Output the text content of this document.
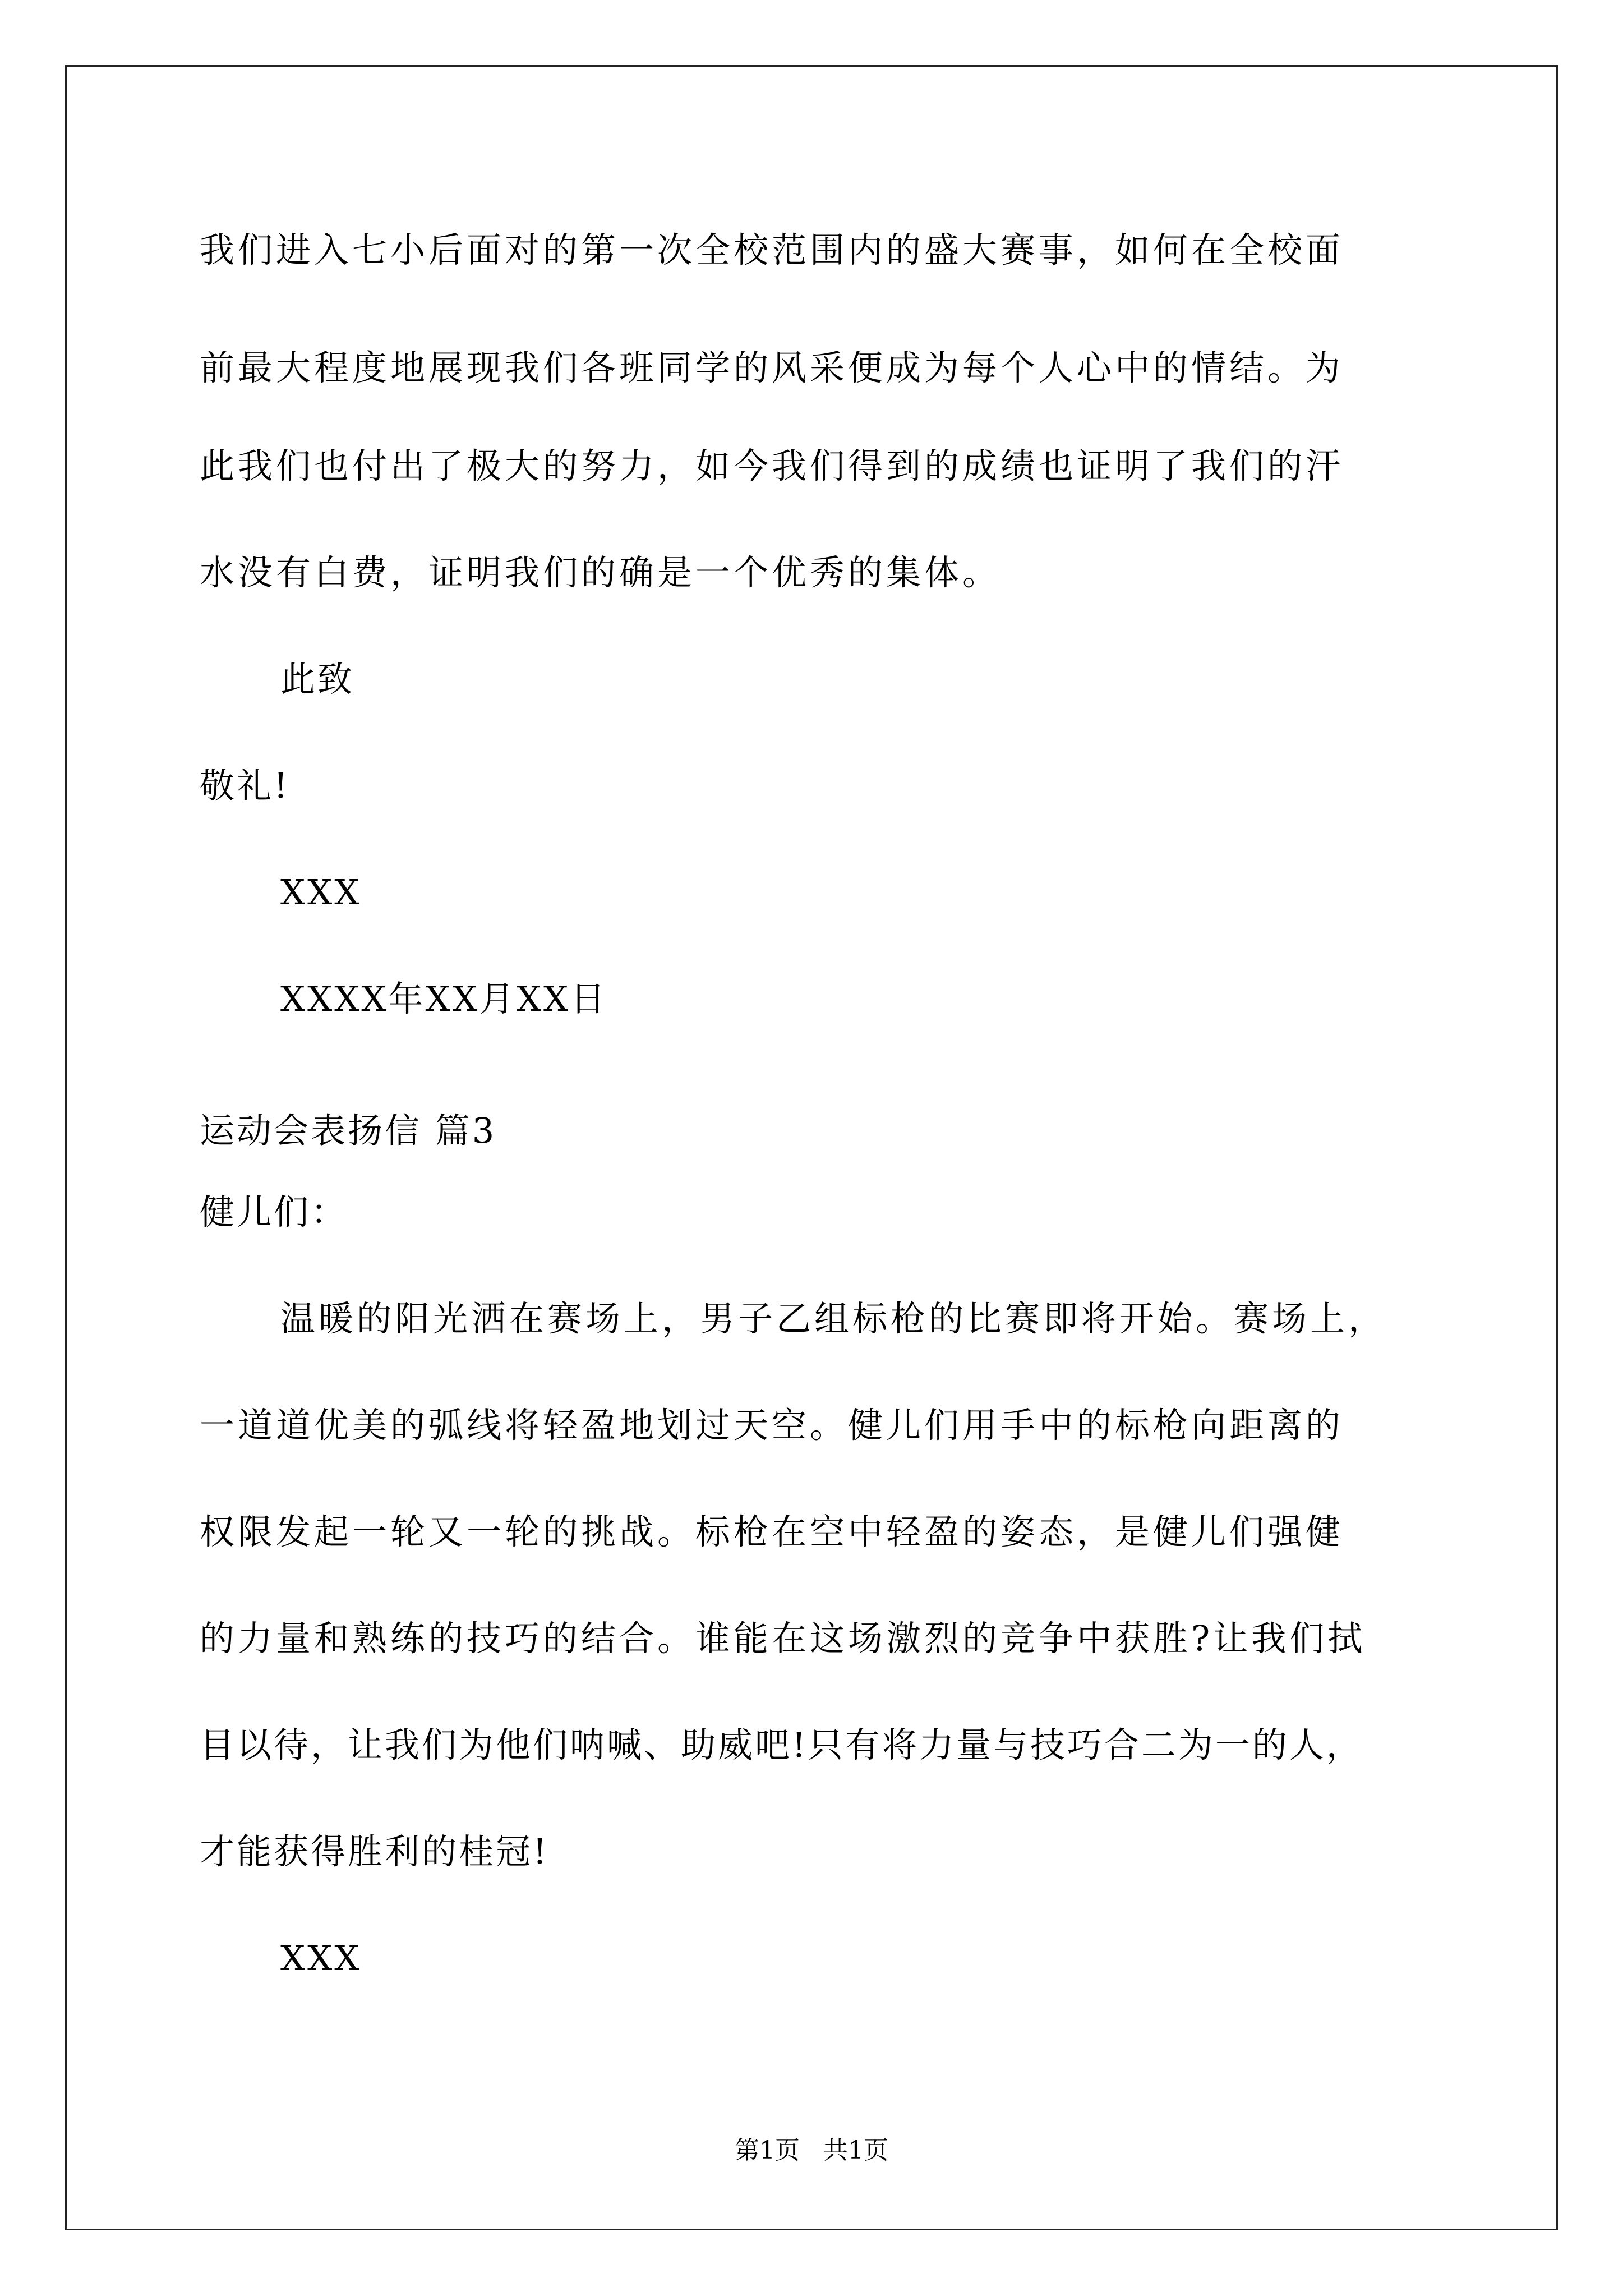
我们进入七小后面对的第一次全校范围内的盛大赛事，如何在全校面
前最大程度地展现我们各班同学的风采便成为每个人心中的情结。为
此我们也付出了极大的努力，如今我们得到的成绩也证明了我们的汗
水没有白费，证明我们的确是一个优秀的集体。
此致
敬礼!
XXX
XXXX年XX月XX日
运动会表扬信 篇3
健儿们：
温暖的阳光洒在赛场上，男子乙组标枪的比赛即将开始。赛场上，
一道道优美的弧线将轻盈地划过天空。健儿们用手中的标枪向距离的
权限发起一轮又一轮的挑战。标枪在空中轻盈的姿态，是健儿们强健
的力量和熟练的技巧的结合。谁能在这场激烈的竞争中获胜?让我们拭
目以待，让我们为他们呐喊、助威吧!只有将力量与技巧合二为一的人，
才能获得胜利的桂冠!
XXX
第1页   共1页
